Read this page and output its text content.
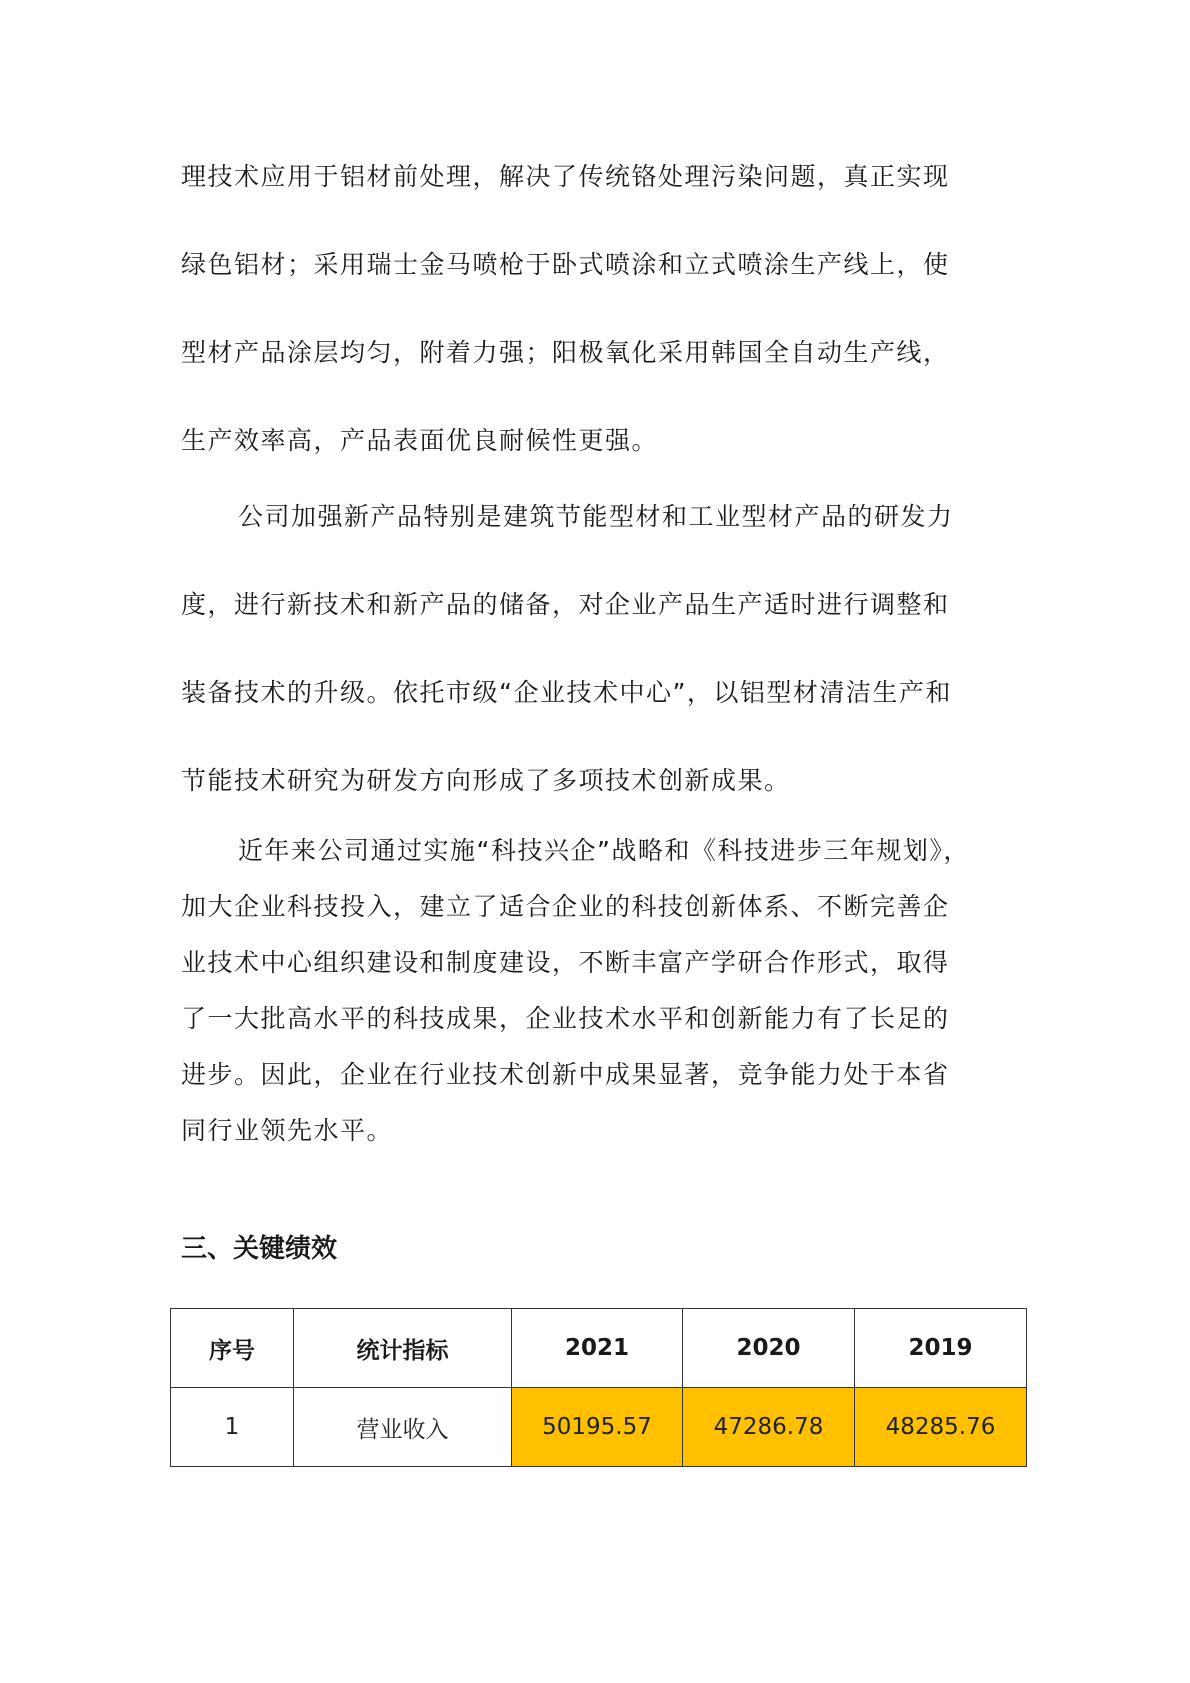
理技术应用于铝材前处理，解决了传统铬处理污染问题，真正实现
绿色铝材；采用瑞士金马喷枪于卧式喷涂和立式喷涂生产线上，使
型材产品涂层均匀，附着力强；阳极氧化采用韩国全自动生产线，
生产效率高，产品表面优良耐候性更强。
公司加强新产品特别是建筑节能型材和工业型材产品的研发力
度，进行新技术和新产品的储备，对企业产品生产适时进行调整和
装备技术的升级。依托市级“企业技术中心”，以铝型材清洁生产和
节能技术研究为研发方向形成了多项技术创新成果。
近年来公司通过实施“科技兴企”战略和《科技进步三年规划》，
加大企业科技投入，建立了适合企业的科技创新体系、不断完善企
业技术中心组织建设和制度建设，不断丰富产学研合作形式，取得
了一大批高水平的科技成果，企业技术水平和创新能力有了长足的
进步。因此，企业在行业技术创新中成果显著，竞争能力处于本省
同行业领先水平。
三、关键绩效
序号	统计指标	2021	2020	2019
1	营业收入	50195.57	47286.78	48285.76
